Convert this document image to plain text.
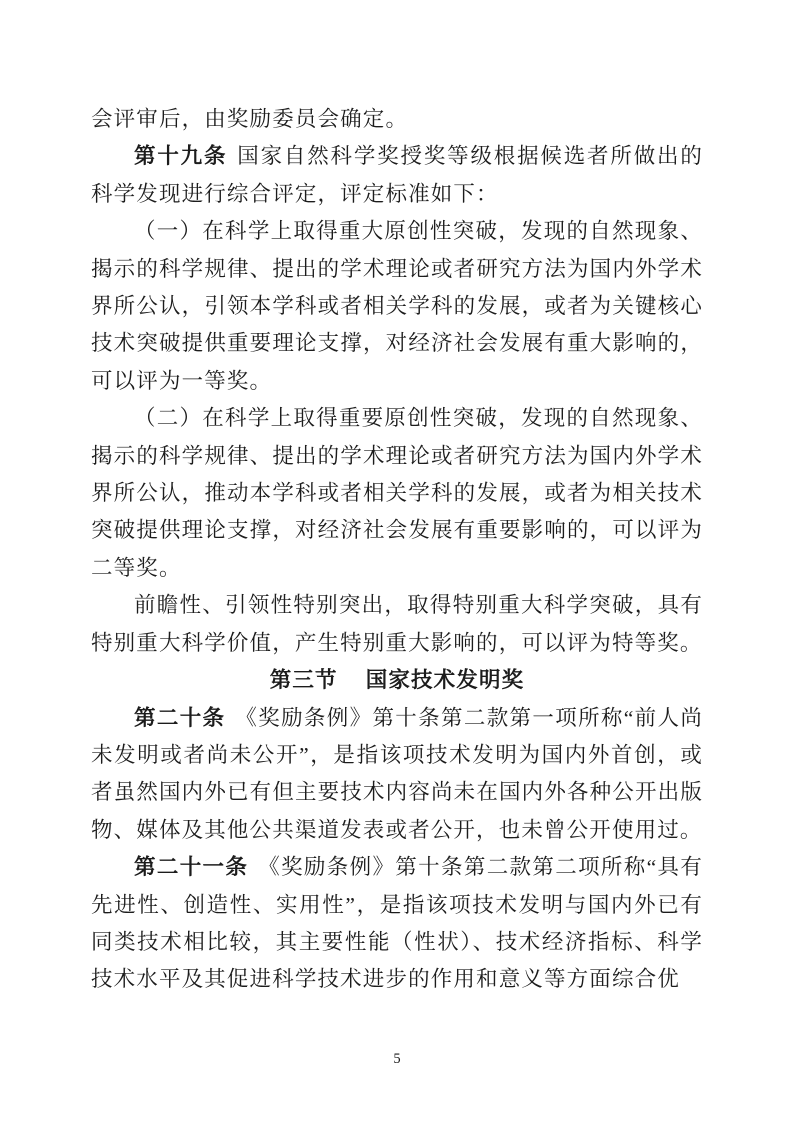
会评审后，由奖励委员会确定。

第十九条 国家自然科学奖授奖等级根据候选者所做出的科学发现进行综合评定，评定标准如下：

（一）在科学上取得重大原创性突破，发现的自然现象、揭示的科学规律、提出的学术理论或者研究方法为国内外学术界所公认，引领本学科或者相关学科的发展，或者为关键核心技术突破提供重要理论支撑，对经济社会发展有重大影响的，可以评为一等奖。

（二）在科学上取得重要原创性突破，发现的自然现象、揭示的科学规律、提出的学术理论或者研究方法为国内外学术界所公认，推动本学科或者相关学科的发展，或者为相关技术突破提供理论支撑，对经济社会发展有重要影响的，可以评为二等奖。

前瞻性、引领性特别突出，取得特别重大科学突破，具有特别重大科学价值，产生特别重大影响的，可以评为特等奖。

第三节 国家技术发明奖

第二十条 《奖励条例》第十条第二款第一项所称“前人尚未发明或者尚未公开”，是指该项技术发明为国内外首创，或者虽然国内外已有但主要技术内容尚未在国内外各种公开出版物、媒体及其他公共渠道发表或者公开，也未曾公开使用过。

第二十一条 《奖励条例》第十条第二款第二项所称“具有先进性、创造性、实用性”，是指该项技术发明与国内外已有同类技术相比较，其主要性能（性状）、技术经济指标、科学技术水平及其促进科学技术进步的作用和意义等方面综合优

5
